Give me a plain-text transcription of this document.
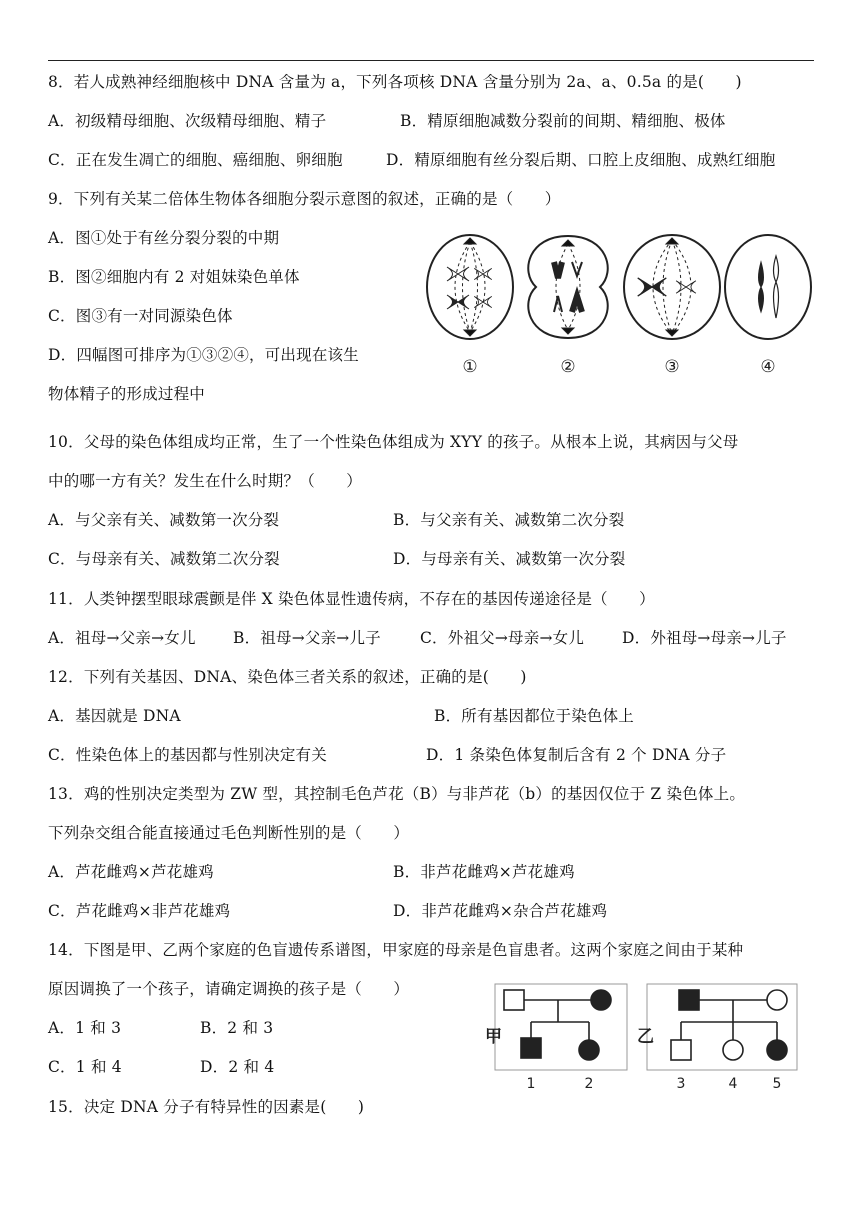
8．若人成熟神经细胞核中 DNA 含量为 a，下列各项核 DNA 含量分别为 2a、a、0.5a 的是(　　)
A．初级精母细胞、次级精母细胞、精子	B．精原细胞减数分裂前的间期、精细胞、极体
C．正在发生凋亡的细胞、癌细胞、卵细胞	D．精原细胞有丝分裂后期、口腔上皮细胞、成熟红细胞
9．下列有关某二倍体生物体各细胞分裂示意图的叙述，正确的是（　　）
A．图①处于有丝分裂分裂的中期
B．图②细胞内有 2 对姐妹染色单体
C．图③有一对同源染色体
D．四幅图可排序为①③②④，可出现在该生
物体精子的形成过程中
①	②	③	④
10．父母的染色体组成均正常，生了一个性染色体组成为 XYY 的孩子。从根本上说，其病因与父母
中的哪一方有关？发生在什么时期？（　　）
A．与父亲有关、减数第一次分裂	B．与父亲有关、减数第二次分裂
C．与母亲有关、减数第二次分裂	D．与母亲有关、减数第一次分裂
11．人类钟摆型眼球震颤是伴 X 染色体显性遗传病，不存在的基因传递途径是（　　）
A．祖母→父亲→女儿 B．祖母→父亲→儿子	C．外祖父→母亲→女儿 D．外祖母→母亲→儿子
12．下列有关基因、DNA、染色体三者关系的叙述，正确的是(　　)
A．基因就是 DNA	B．所有基因都位于染色体上
C．性染色体上的基因都与性别决定有关	D．1 条染色体复制后含有 2 个 DNA 分子
13．鸡的性别决定类型为 ZW 型，其控制毛色芦花（B）与非芦花（b）的基因仅位于 Z 染色体上。
下列杂交组合能直接通过毛色判断性别的是（　　）
A．芦花雌鸡×芦花雄鸡	B．非芦花雌鸡×芦花雄鸡
C．芦花雌鸡×非芦花雄鸡	D．非芦花雌鸡×杂合芦花雄鸡
14．下图是甲、乙两个家庭的色盲遗传系谱图，甲家庭的母亲是色盲患者。这两个家庭之间由于某种
原因调换了一个孩子，请确定调换的孩子是（　　）
A．1 和 3	B．2 和 3
C．1 和 4	D．2 和 4
甲	乙
1	2	3	4	5
15．决定 DNA 分子有特异性的因素是(　　)
